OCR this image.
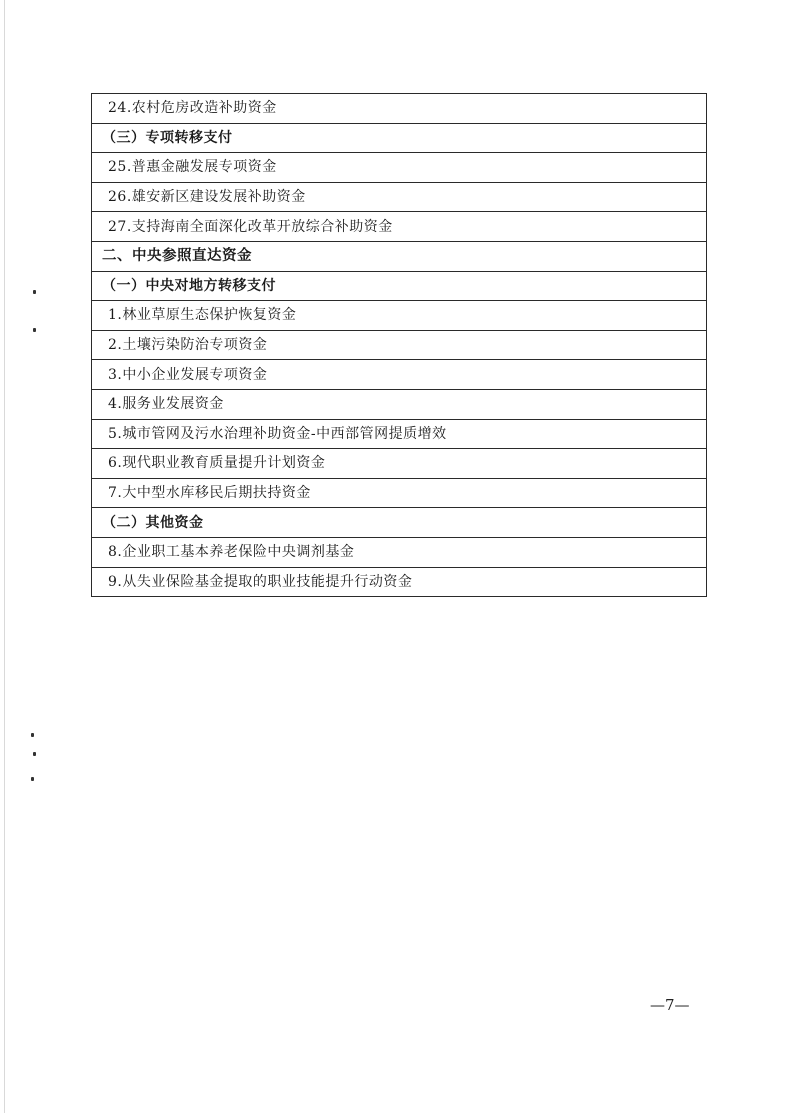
24.农村危房改造补助资金
（三）专项转移支付
25.普惠金融发展专项资金
26.雄安新区建设发展补助资金
27.支持海南全面深化改革开放综合补助资金
二、中央参照直达资金
（一）中央对地方转移支付
1.林业草原生态保护恢复资金
2.土壤污染防治专项资金
3.中小企业发展专项资金
4.服务业发展资金
5.城市管网及污水治理补助资金-中西部管网提质增效
6.现代职业教育质量提升计划资金
7.大中型水库移民后期扶持资金
（二）其他资金
8.企业职工基本养老保险中央调剂基金
9.从失业保险基金提取的职业技能提升行动资金
—7—
